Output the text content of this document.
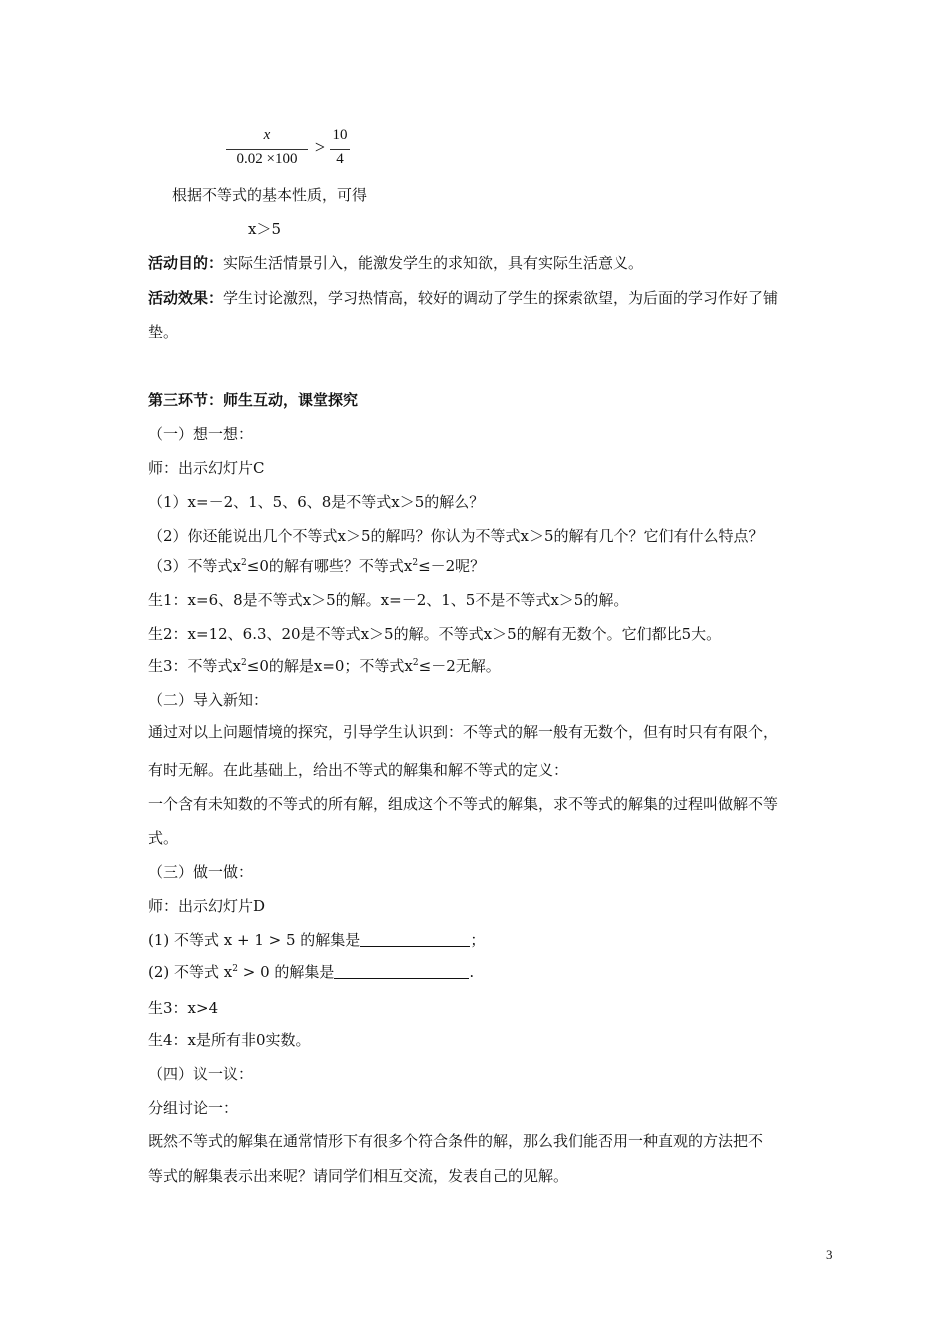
x
0.02 ×100
>
10
4
根据不等式的基本性质，可得
x＞5
活动目的：实际生活情景引入，能激发学生的求知欲，具有实际生活意义。
活动效果：学生讨论激烈，学习热情高，较好的调动了学生的探索欲望，为后面的学习作好了铺
垫。
第三环节：师生互动，课堂探究
（一）想一想：
师：出示幻灯片C
（1）x=－2、1、5、6、8是不等式x＞5的解么？
（2）你还能说出几个不等式x＞5的解吗？你认为不等式x＞5的解有几个？它们有什么特点？
（3）不等式$x^2\le 0$的解有哪些？不等式$x^2\le-2$呢？
生1：x=6、8是不等式x＞5的解。x=－2、1、5不是不等式x＞5的解。
生2：x=12、6.3、20是不等式x＞5的解。不等式x＞5的解有无数个。它们都比5大。
生3：不等式$x^2\le 0$的解是x=0；不等式$x^2\le-2$无解。
（二）导入新知：
通过对以上问题情境的探究，引导学生认识到：不等式的解一般有无数个，但有时只有有限个，
有时无解。在此基础上，给出不等式的解集和解不等式的定义：
一个含有未知数的不等式的所有解，组成这个不等式的解集，求不等式的解集的过程叫做解不等
式。
（三）做一做：
师：出示幻灯片D
(1) 不等式 x + 1 > 5 的解集是	；
(2) 不等式 $x^2 > 0$ 的解集是	.
生3：x>4
生4：x是所有非0实数。
（四）议一议：
分组讨论一：
既然不等式的解集在通常情形下有很多个符合条件的解，那么我们能否用一种直观的方法把不
等式的解集表示出来呢？请同学们相互交流，发表自己的见解。
3
